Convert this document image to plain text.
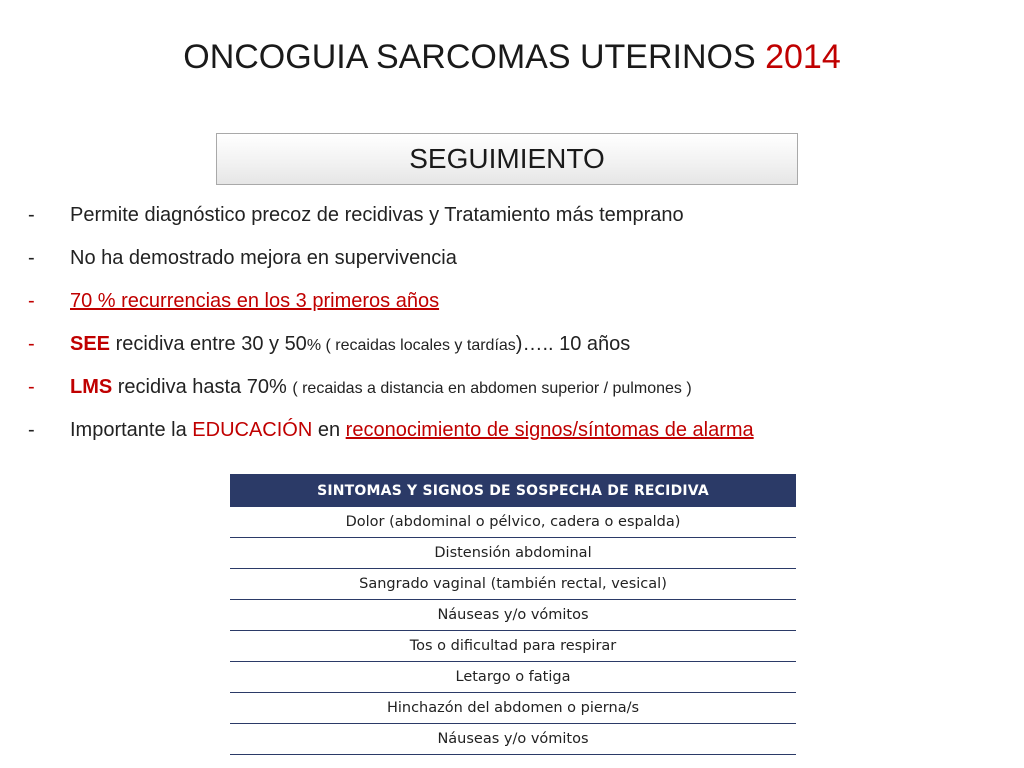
ONCOGUIA SARCOMAS UTERINOS 2014
SEGUIMIENTO
-	Permite diagnóstico precoz de recidivas y Tratamiento más temprano
-	No ha demostrado mejora en supervivencia
-	70 % recurrencias en los 3 primeros años
-	SEE recidiva entre 30 y 50% ( recaidas locales y tardías)….. 10 años
-	LMS recidiva hasta 70% ( recaidas a distancia en abdomen superior / pulmones )
-	Importante la EDUCACIÓN en reconocimiento de signos/síntomas de alarma
SINTOMAS Y SIGNOS DE SOSPECHA DE RECIDIVA
Dolor (abdominal o pélvico, cadera o espalda)
Distensión abdominal
Sangrado vaginal (también rectal, vesical)
Náuseas y/o vómitos
Tos o dificultad para respirar
Letargo o fatiga
Hinchazón del abdomen o pierna/s
Náuseas y/o vómitos
